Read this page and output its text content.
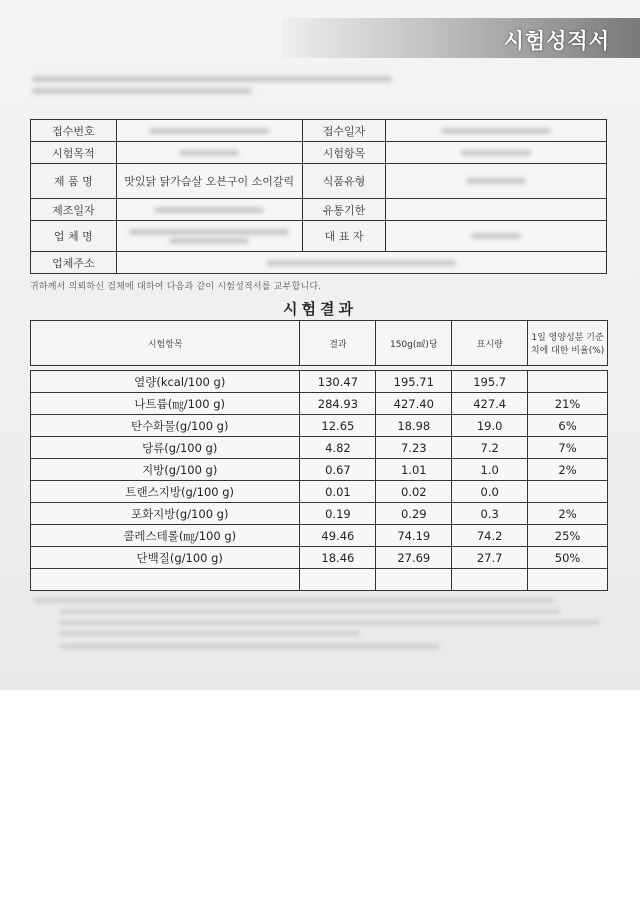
시험성적서
접수번호		접수일자	

시험목적		시험항목	

제 품 명	맛있닭 닭가슴살 오븐구이 소이갈릭	식품유형	

제조일자		유통기한	
업 체 명		대 표 자	

업체주소			
귀하께서 의뢰하신 검체에 대하여 다음과 같이 시험성적서를 교부합니다.
시험결과
시험항목	결과	150g(㎖)당	표시량	1일 영양성분 기준치에 대한 비율(%)

열량(kcal/100 g)	130.47	195.71	195.7	
나트륨(㎎/100 g)	284.93	427.40	427.4	21%
탄수화물(g/100 g)	12.65	18.98	19.0	6%
당류(g/100 g)	4.82	7.23	7.2	7%
지방(g/100 g)	0.67	1.01	1.0	2%
트랜스지방(g/100 g)	0.01	0.02	0.0	
포화지방(g/100 g)	0.19	0.29	0.3	2%
콜레스테롤(㎎/100 g)	49.46	74.19	74.2	25%
단백질(g/100 g)	18.46	27.69	27.7	50%
